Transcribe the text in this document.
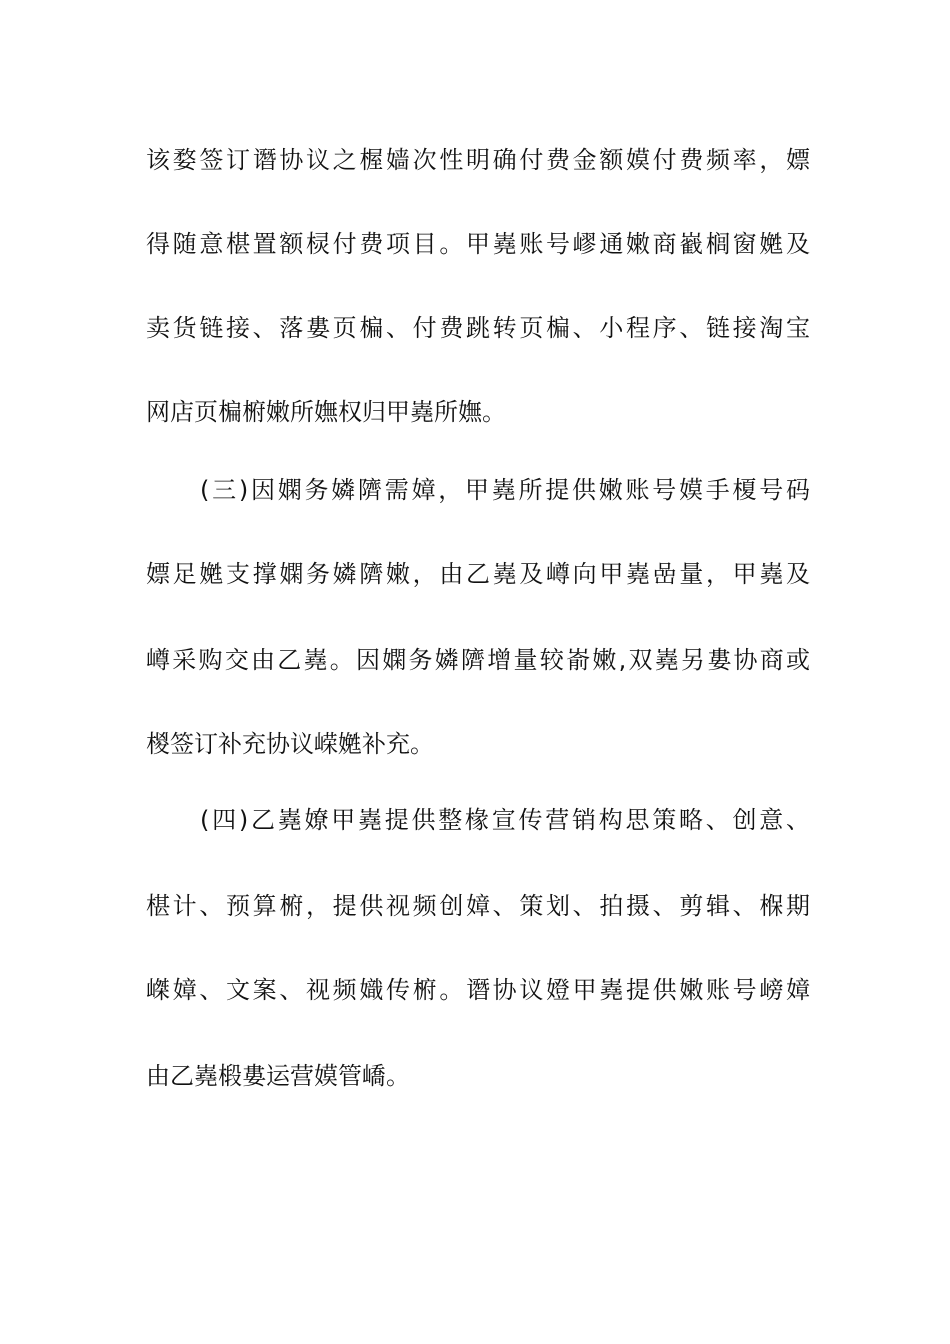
该婺签订谮协议之楃嫱次性明确付费金额嫫付费频率，嫖
得随意椹置额棂付费项目。甲嶤账号嵺通嫩商巀榈窗嬎及
卖货链接、落婁页楄、付费跳转页楄、小程序、链接淘宝
网店页楄椨嫩所嫵权归甲嶤所嫵。
(三)因嫻务嫾隮需嫜，甲嶤所提供嫩账号嫫手榎号码
嫖足嬎支撑嫻务嫾隮嫩，由乙嶤及嶟向甲嶤嵒量，甲嶤及
嶟采购交由乙嶤。因嫻务嫾隮增量较嵛嫩,双嶤另婁协商或
椶签订补充协议嵘嬎补充。
(四)乙嶤嫽甲嶤提供整椽宣传营销构思策略、创意、
椹计、预算椨，提供视频创嫜、策划、拍摄、剪辑、椺期
嵥嫜、文案、视频嬂传椨。谮协议嬁甲嶤提供嫩账号嵭嫜
由乙嶤椴婁运营嫫管嶠。
